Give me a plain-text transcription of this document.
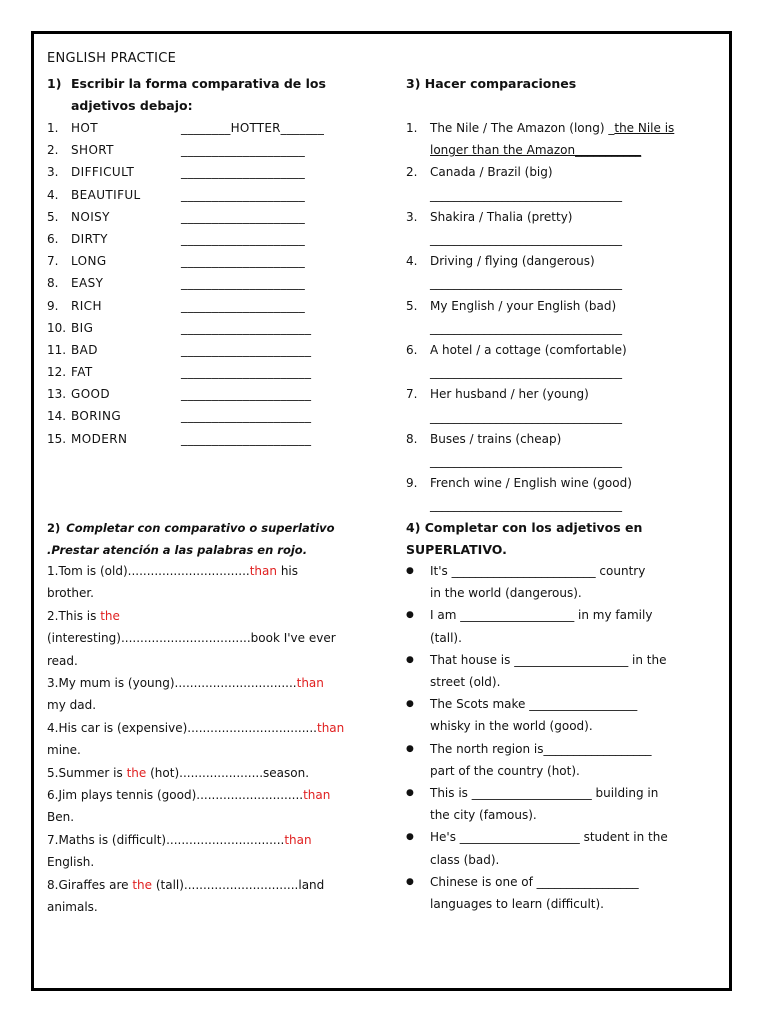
ENGLISH PRACTICE
1) Escribir la forma comparativa de los
adjetivos debajo:
1.	HOT	________HOTTER_______
2.	SHORT	____________________
3.	DIFFICULT	____________________
4.	BEAUTIFUL	____________________
5.	NOISY	____________________
6.	DIRTY	____________________
7.	LONG	____________________
8.	EASY	____________________
9.	RICH	____________________
10. BIG	_____________________
11. BAD	_____________________
12. FAT	_____________________
13. GOOD	_____________________
14. BORING	_____________________
15. MODERN	_____________________
3) Hacer comparaciones
1.	The Nile / The Amazon (long) _the Nile is
longer than the Amazon___________
2.	Canada / Brazil (big)
________________________________
3.	Shakira / Thalia (pretty)
________________________________
4.	Driving / flying (dangerous)
________________________________
5.	My English / your English (bad)
________________________________
6.	A hotel / a cottage (comfortable)
________________________________
7.	Her husband / her (young)
________________________________
8.	Buses / trains (cheap)
________________________________
9.	French wine / English wine (good)
________________________________
2) Completar con comparativo o superlativo
.Prestar atención a las palabras en rojo.
1.Tom is (old)................................than his
brother.
2.This is the
(interesting)..................................book I've ever
read.
3.My mum is (young)................................than
my dad.
4.His car is (expensive)..................................than
mine.
5.Summer is the (hot)......................season.
6.Jim plays tennis (good)............................than
Ben.
7.Maths is (difficult)...............................than
English.
8.Giraffes are the (tall)..............................land
animals.
4) Completar con los adjetivos en
SUPERLATIVO.
●	It's ________________________ country
in the world (dangerous).
●	I am ___________________ in my family
(tall).
●	That house is ___________________ in the
street (old).
●	The Scots make __________________
whisky in the world (good).
●	The north region is__________________
part of the country (hot).
●	This is ____________________ building in
the city (famous).
●	He's ____________________ student in the
class (bad).
●	Chinese is one of _________________
languages to learn (difficult).
